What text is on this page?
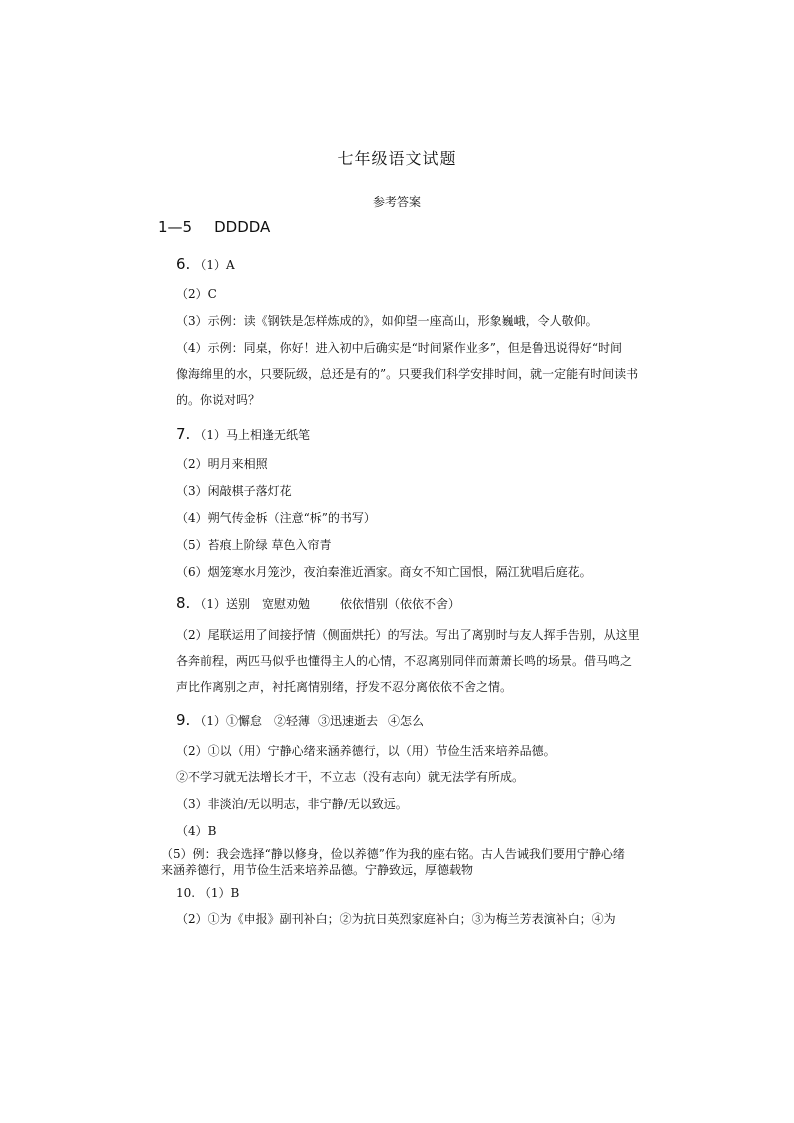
七年级语文试题
参考答案
1—5 DDDDA
6. （1）A
（2）C
（3）示例：读《钢铁是怎样炼成的》，如仰望一座高山，形象巍峨，令人敬仰。
（4）示例：同桌，你好！进入初中后确实是“时间紧作业多”，但是鲁迅说得好“时间
像海绵里的水，只要阮级，总还是有的”。只要我们科学安排时间，就一定能有时间读书
的。你说对吗？
7. （1）马上相逢无纸笔
（2）明月来相照
（3）闲敲棋子落灯花
（4）朔气传金柝（注意“柝”的书写）
（5）苔痕上阶绿 草色入帘青
（6）烟笼寒水月笼沙，夜泊秦淮近酒家。商女不知亡国恨，隔江犹唱后庭花。
8. （1）送别 宽慰劝勉	依依惜别（依依不舍）
（2）尾联运用了间接抒情（侧面烘托）的写法。写出了离别时与友人挥手告别，从这里
各奔前程，两匹马似乎也懂得主人的心情，不忍离别同伴而萧萧长鸣的场景。借马鸣之
声比作离别之声，衬托离情别绪，抒发不忍分离依依不舍之情。
9. （1）①懈怠 ②轻薄 ③迅速逝去 ④怎么
（2）①以（用）宁静心绪来涵养德行，以（用）节俭生活来培养品德。
②不学习就无法增长才干，不立志（没有志向）就无法学有所成。
（3）非淡泊/无以明志，非宁静/无以致远。
（4）B
（5）例：我会选择“静以修身，俭以养德”作为我的座右铭。古人告诫我们要用宁静心绪
来涵养德行，用节俭生活来培养品德。宁静致远，厚德载物
10. （1）B
（2）①为《申报》副刊补白；②为抗日英烈家庭补白；③为梅兰芳表演补白；④为
